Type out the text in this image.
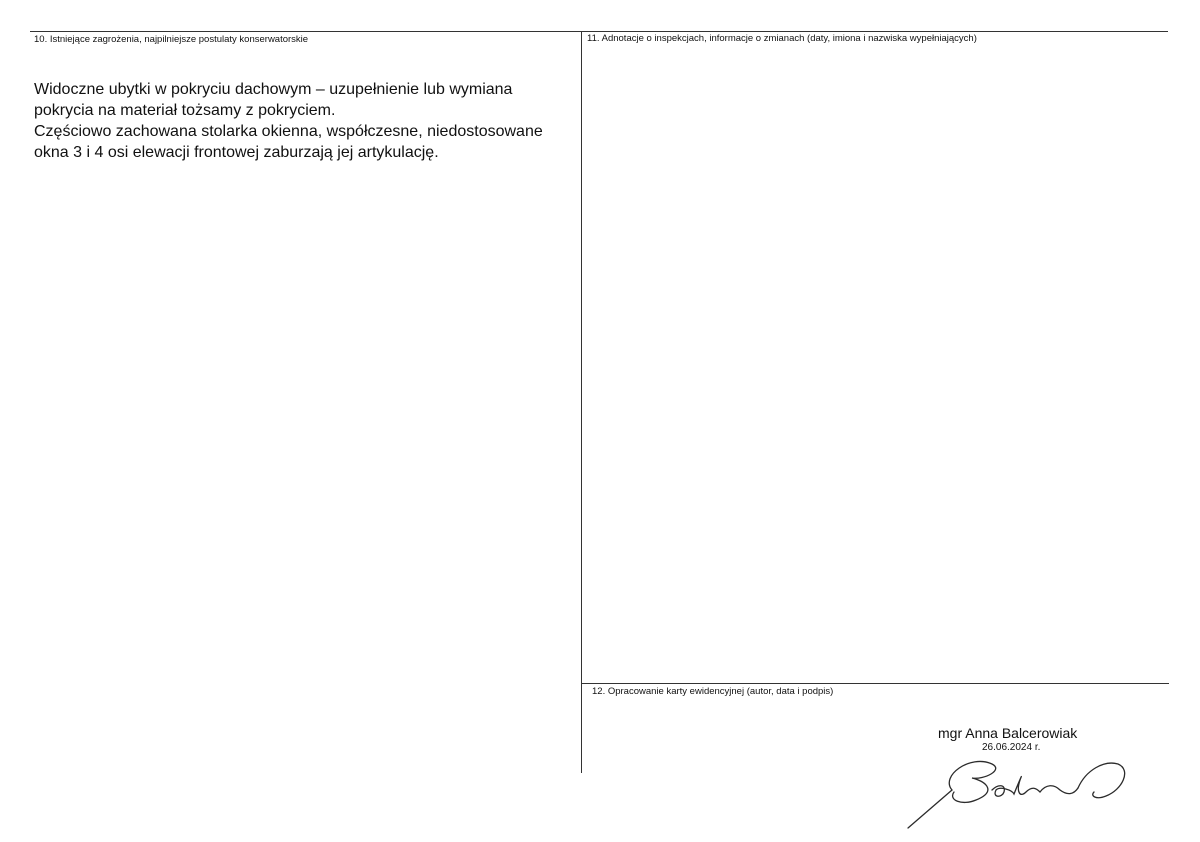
10. Istniejące zagrożenia, najpilniejsze postulaty konserwatorskie

Widoczne ubytki w pokryciu dachowym – uzupełnienie lub wymiana pokrycia na materiał tożsamy z pokryciem.

Częściowo zachowana stolarka okienna, współczesne, niedostosowane okna 3 i 4 osi elewacji frontowej zaburzają jej artykulację.

11. Adnotacje o inspekcjach, informacje o zmianach (daty, imiona i nazwiska wypełniających)
12. Opracowanie karty ewidencyjnej (autor, data i podpis)
mgr Anna Balcerowiak
26.06.2024 r.
